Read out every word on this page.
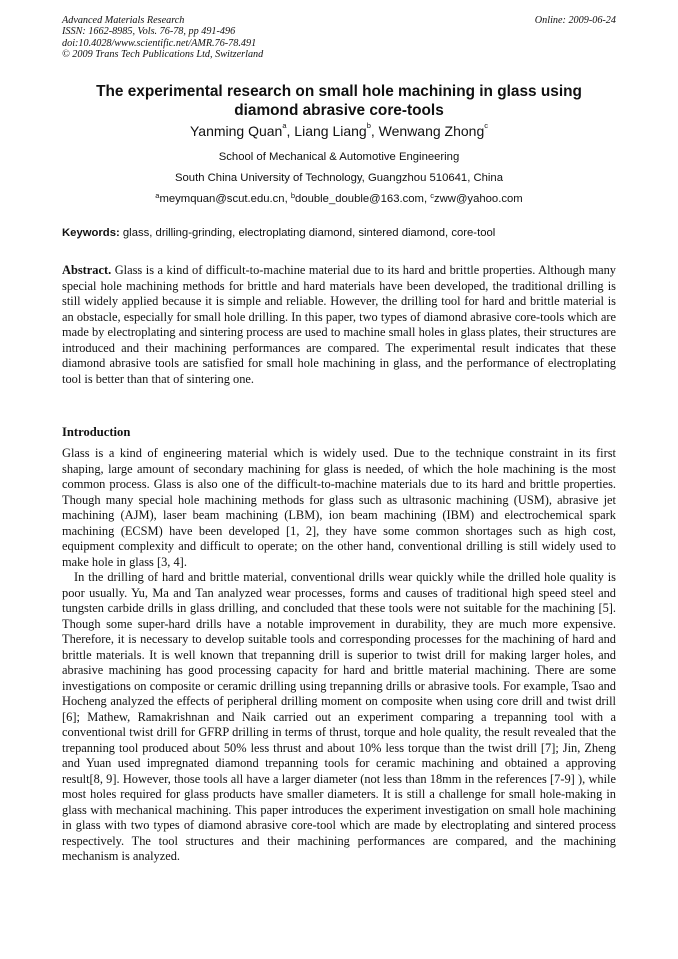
Advanced Materials Research
ISSN: 1662-8985, Vols. 76-78, pp 491-496
doi:10.4028/www.scientific.net/AMR.76-78.491
© 2009 Trans Tech Publications Ltd, Switzerland
Online: 2009-06-24
The experimental research on small hole machining in glass using diamond abrasive core-tools
Yanming Quan$^a$, Liang Liang$^b$, Wenwang Zhong$^c$
School of Mechanical & Automotive Engineering
South China University of Technology, Guangzhou 510641, China
$^a$meymquan@scut.edu.cn, $^b$double_double@163.com, $^c$zww@yahoo.com
Keywords: glass, drilling-grinding, electroplating diamond, sintered diamond, core-tool
Abstract. Glass is a kind of difficult-to-machine material due to its hard and brittle properties. Although many special hole machining methods for brittle and hard materials have been developed, the traditional drilling is still widely applied because it is simple and reliable. However, the drilling tool for hard and brittle material is an obstacle, especially for small hole drilling. In this paper, two types of diamond abrasive core-tools which are made by electroplating and sintering process are used to machine small holes in glass plates, their structures are introduced and their machining performances are compared. The experimental result indicates that these diamond abrasive tools are satisfied for small hole machining in glass, and the performance of electroplating tool is better than that of sintering one.
Introduction

Glass is a kind of engineering material which is widely used. Due to the technique constraint in its first shaping, large amount of secondary machining for glass is needed, of which the hole machining is the most common process. Glass is also one of the difficult-to-machine materials due to its hard and brittle properties. Though many special hole machining methods for glass such as ultrasonic machining (USM), abrasive jet machining (AJM), laser beam machining (LBM), ion beam machining (IBM) and electrochemical spark machining (ECSM) have been developed [1, 2], they have some common shortages such as high cost, equipment complexity and difficult to operate; on the other hand, conventional drilling is still widely used to make hole in glass [3, 4].

In the drilling of hard and brittle material, conventional drills wear quickly while the drilled hole quality is poor usually. Yu, Ma and Tan analyzed wear processes, forms and causes of traditional high speed steel and tungsten carbide drills in glass drilling, and concluded that these tools were not suitable for the machining [5]. Though some super-hard drills have a notable improvement in durability, they are much more expensive. Therefore, it is necessary to develop suitable tools and corresponding processes for the machining of hard and brittle materials. It is well known that trepanning drill is superior to twist drill for making larger holes, and abrasive machining has good processing capacity for hard and brittle material machining. There are some investigations on composite or ceramic drilling using trepanning drills or abrasive tools. For example, Tsao and Hocheng analyzed the effects of peripheral drilling moment on composite when using core drill and twist drill [6]; Mathew, Ramakrishnan and Naik carried out an experiment comparing a trepanning tool with a conventional twist drill for GFRP drilling in terms of thrust, torque and hole quality, the result revealed that the trepanning tool produced about 50% less thrust and about 10% less torque than the twist drill [7]; Jin, Zheng and Yuan used impregnated diamond trepanning tools for ceramic machining and obtained a approving result[8, 9]. However, those tools all have a larger diameter (not less than 18mm in the references [7-9] ), while most holes required for glass products have smaller diameters. It is still a challenge for small hole-making in glass with mechanical machining. This paper introduces the experiment investigation on small hole machining in glass with two types of diamond abrasive core-tool which are made by electroplating and sintered process respectively. The tool structures and their machining performances are compared, and the machining mechanism is analyzed.
